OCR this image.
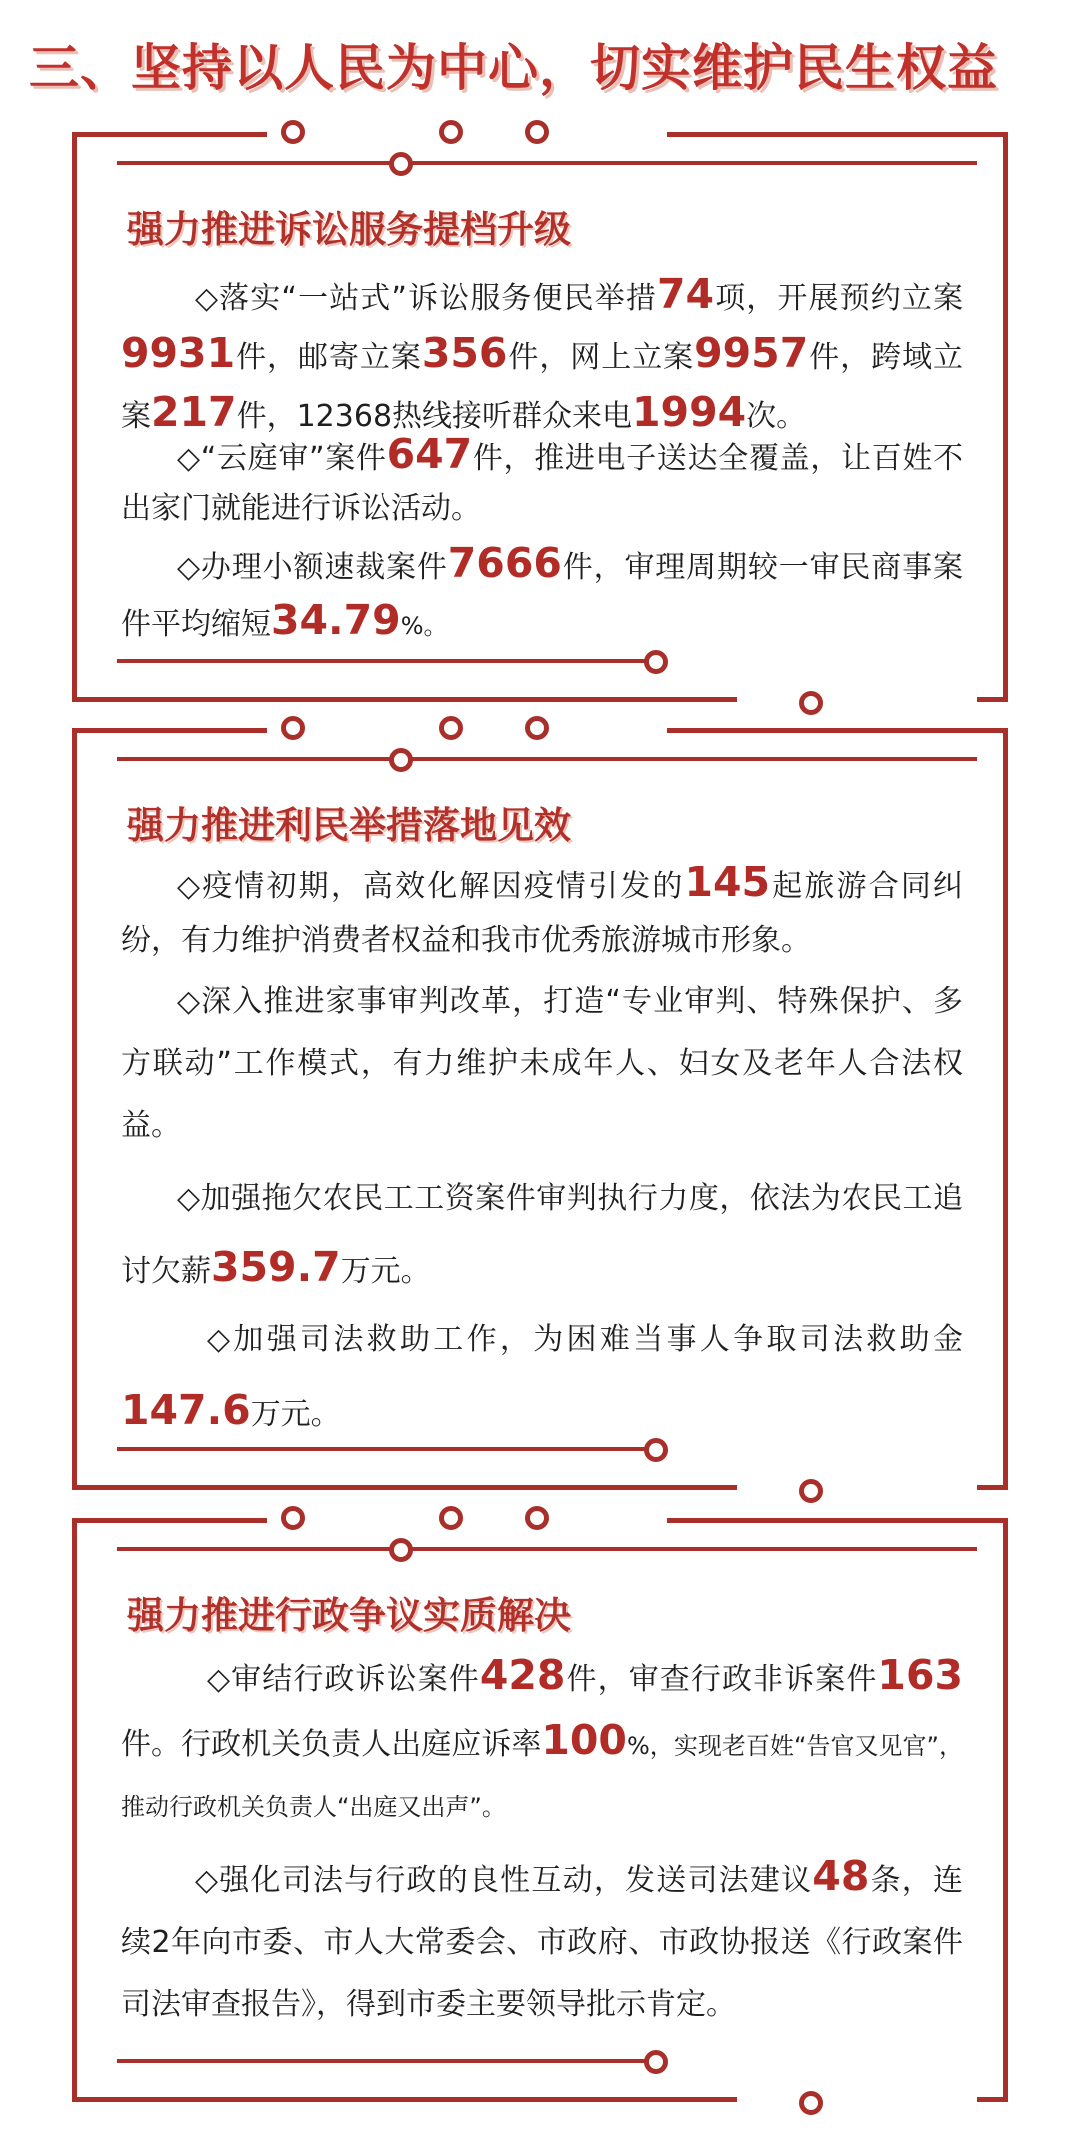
三、坚持以人民为中心，切实维护民生权益
强力推进诉讼服务提档升级
◇落实“一站式”诉讼服务便民举措74项，开展预约立案9931件，邮寄立案356件，网上立案9957件，跨域立案217件，12368热线接听群众来电1994次。
◇“云庭审”案件647件，推进电子送达全覆盖，让百姓不出家门就能进行诉讼活动。
◇办理小额速裁案件7666件，审理周期较一审民商事案件平均缩短34.79%。
强力推进利民举措落地见效
◇疫情初期，高效化解因疫情引发的145起旅游合同纠纷，有力维护消费者权益和我市优秀旅游城市形象。
◇深入推进家事审判改革，打造“专业审判、特殊保护、多方联动”工作模式，有力维护未成年人、妇女及老年人合法权益。
◇加强拖欠农民工工资案件审判执行力度，依法为农民工追讨欠薪359.7万元。
◇加强司法救助工作，为困难当事人争取司法救助金147.6万元。
强力推进行政争议实质解决
◇审结行政诉讼案件428件，审查行政非诉案件163件。行政机关负责人出庭应诉率100%，实现老百姓“告官又见官”，推动行政机关负责人“出庭又出声”。
◇强化司法与行政的良性互动，发送司法建议48条，连续2年向市委、市人大常委会、市政府、市政协报送《行政案件司法审查报告》，得到市委主要领导批示肯定。
